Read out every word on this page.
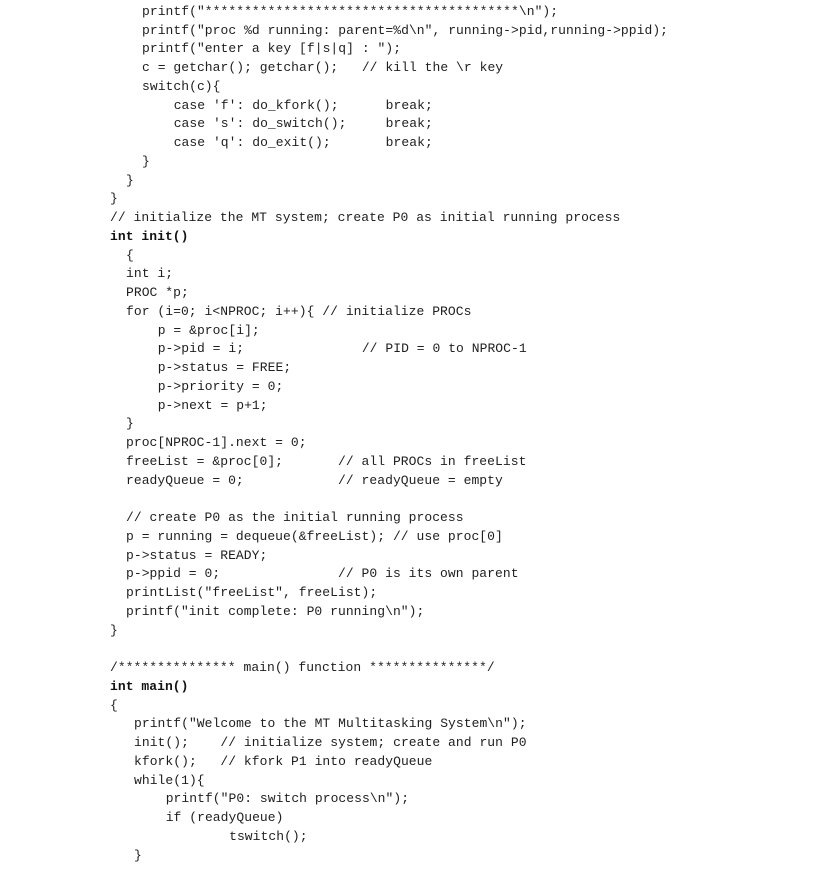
printf("****************************************\n");
printf("proc %d running: parent=%d\n", running->pid,running->ppid);
printf("enter a key [f|s|q] : ");
c = getchar(); getchar();   // kill the \r key
switch(c){
case 'f': do_kfork();      break;
case 's': do_switch();     break;
case 'q': do_exit();       break;
}
}
}
// initialize the MT system; create P0 as initial running process
int init()
{
int i;
PROC *p;
for (i=0; i<NPROC; i++){ // initialize PROCs
p = &proc[i];
p->pid = i;               // PID = 0 to NPROC-1
p->status = FREE;
p->priority = 0;
p->next = p+1;
}
proc[NPROC-1].next = 0;
freeList = &proc[0];       // all PROCs in freeList
readyQueue = 0;            // readyQueue = empty
// create P0 as the initial running process
p = running = dequeue(&freeList); // use proc[0]
p->status = READY;
p->ppid = 0;               // P0 is its own parent
printList("freeList", freeList);
printf("init complete: P0 running\n");
}
/*************** main() function ***************/
int main()
{
printf("Welcome to the MT Multitasking System\n");
init();    // initialize system; create and run P0
kfork();   // kfork P1 into readyQueue
while(1){
printf("P0: switch process\n");
if (readyQueue)
tswitch();
}
